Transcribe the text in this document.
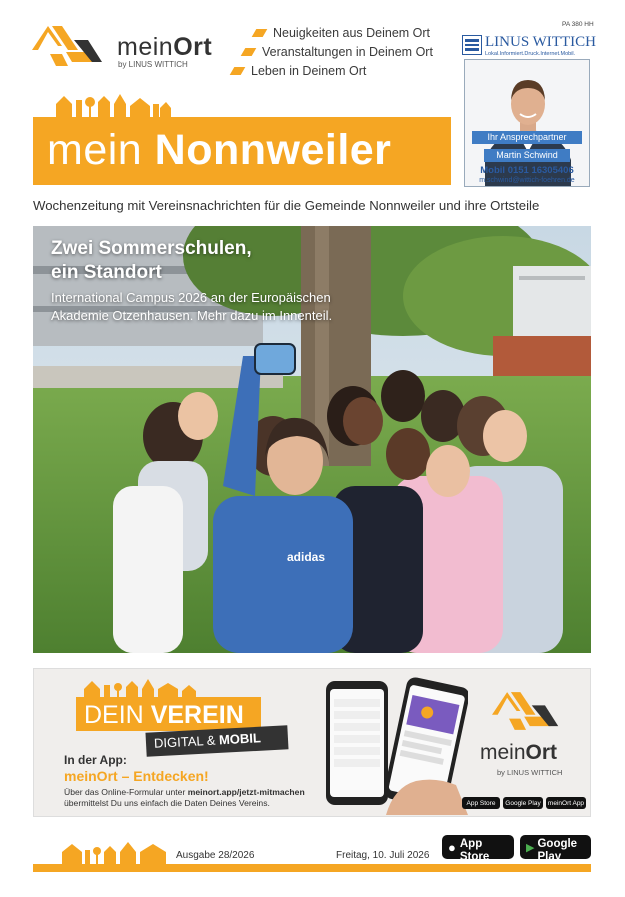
meinOrt
by LINUS WITTICH
Neuigkeiten aus Deinem Ort
Veranstaltungen in Deinem Ort
Leben in Deinem Ort
PA 380 HH
LINUS WITTICH
Lokal.Informiert.Druck.Internet.Mobil.
Ihr Ansprechpartner
Martin Schwind
Mobil 0151 16305406
m.schwind@wittich-foehren.de
mein Nonnweiler
Wochenzeitung mit Vereinsnachrichten für die Gemeinde Nonnweiler und ihre Ortsteile
adidas
Zwei Sommerschulen,
ein Standort
International Campus 2026 an der Europäischen
Akademie Otzenhausen. Mehr dazu im Innenteil.
DEIN VEREIN
DIGITAL & MOBIL
In der App:
meinOrt – Entdecken!
Über das Online-Formular unter meinort.app/jetzt-mitmachen
übermittelst Du uns einfach die Daten Deines Vereins.
meinOrt
by LINUS WITTICH
App Store	Google Play	meinOrt App
Ausgabe 28/2026	Freitag, 10. Juli 2026
●
Laden im
App Store
▶
JETZT BEI
Google Play
